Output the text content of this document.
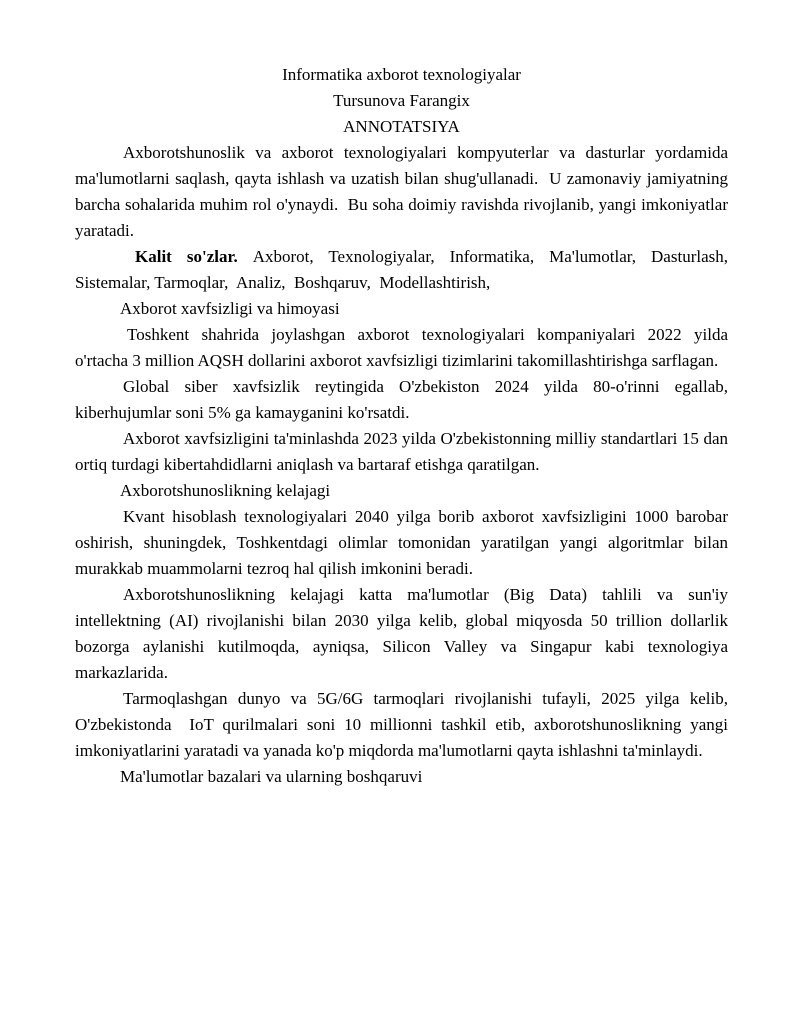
Informatika axborot texnologiyalar

Tursunova Farangix

ANNOTATSIYA

Axborotshunoslik va axborot texnologiyalari kompyuterlar va dasturlar yordamida ma'lumotlarni saqlash, qayta ishlash va uzatish bilan shug'ullanadi.  U zamonaviy jamiyatning barcha sohalarida muhim rol o'ynaydi.  Bu soha doimiy ravishda rivojlanib, yangi imkoniyatlar yaratadi.

Kalit so'zlar. Axborot, Texnologiyalar, Informatika, Ma'lumotlar, Dasturlash, Sistemalar, Tarmoqlar,  Analiz,  Boshqaruv,  Modellashtirish,

Axborot xavfsizligi va himoyasi

Toshkent shahrida joylashgan axborot texnologiyalari kompaniyalari 2022 yilda o'rtacha 3 million AQSH dollarini axborot xavfsizligi tizimlarini takomillashtirishga sarflagan.

Global siber xavfsizlik reytingida O'zbekiston 2024 yilda 80-o'rinni egallab, kiberhujumlar soni 5% ga kamayganini ko'rsatdi.

Axborot xavfsizligini ta'minlashda 2023 yilda O'zbekistonning milliy standartlari 15 dan ortiq turdagi kibertahdidlarni aniqlash va bartaraf etishga qaratilgan.

Axborotshunoslikning kelajagi

Kvant hisoblash texnologiyalari 2040 yilga borib axborot xavfsizligini 1000 barobar oshirish, shuningdek, Toshkentdagi olimlar tomonidan yaratilgan yangi algoritmlar bilan murakkab muammolarni tezroq hal qilish imkonini beradi.

Axborotshunoslikning kelajagi katta ma'lumotlar (Big Data) tahlili va sun'iy intellektning (AI) rivojlanishi bilan 2030 yilga kelib, global miqyosda 50 trillion dollarlik bozorga aylanishi kutilmoqda, ayniqsa, Silicon Valley va Singapur kabi texnologiya markazlarida.

Tarmoqlashgan dunyo va 5G/6G tarmoqlari rivojlanishi tufayli, 2025 yilga kelib, O'zbekistonda  IoT qurilmalari soni 10 millionni tashkil etib, axborotshunoslikning yangi imkoniyatlarini yaratadi va yanada ko'p miqdorda ma'lumotlarni qayta ishlashni ta'minlaydi.

Ma'lumotlar bazalari va ularning boshqaruvi
